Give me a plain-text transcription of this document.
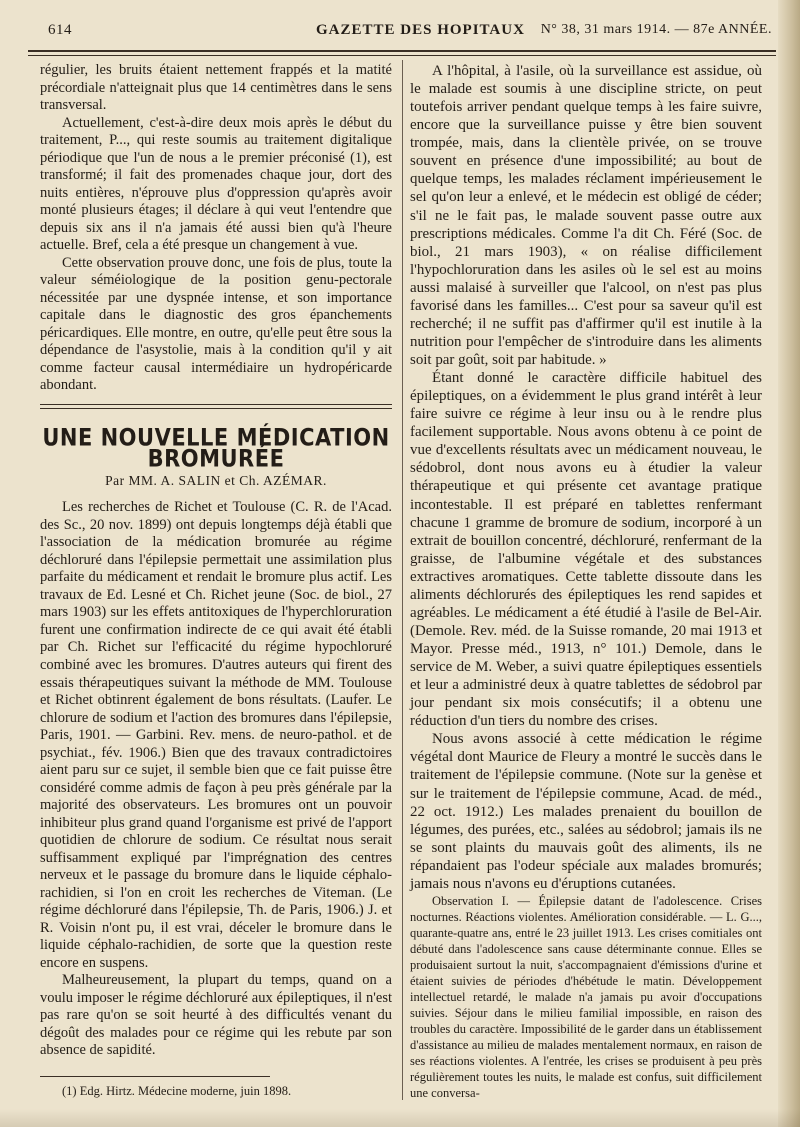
614	GAZETTE DES HOPITAUX N° 38, 31 mars 1914. — 87e ANNÉE.

régulier, les bruits étaient nettement frappés et la matité précordiale n'atteignait plus que 14 centimètres dans le sens transversal.

Actuellement, c'est-à-dire deux mois après le début du traitement, P..., qui reste soumis au traitement digitalique périodique que l'un de nous a le premier préconisé (1), est transformé; il fait des promenades chaque jour, dort des nuits entières, n'éprouve plus d'oppression qu'après avoir monté plusieurs étages; il déclare à qui veut l'entendre que depuis six ans il n'a jamais été aussi bien qu'à l'heure actuelle. Bref, cela a été presque un changement à vue.

Cette observation prouve donc, une fois de plus, toute la valeur séméiologique de la position genu-pectorale nécessitée par une dyspnée intense, et son importance capitale dans le diagnostic des gros épanchements péricardiques. Elle montre, en outre, qu'elle peut être sous la dépendance de l'asystolie, mais à la condition qu'il y ait comme facteur causal intermédiaire un hydropéricarde abondant.

UNE NOUVELLE MÉDICATION BROMURÉE
Par MM. A. SALIN et Ch. AZÉMAR.

Les recherches de Richet et Toulouse (C. R. de l'Acad. des Sc., 20 nov. 1899) ont depuis longtemps déjà établi que l'association de la médication bromurée au régime déchloruré dans l'épilepsie permettait une assimilation plus parfaite du médicament et rendait le bromure plus actif. Les travaux de Ed. Lesné et Ch. Richet jeune (Soc. de biol., 27 mars 1903) sur les effets antitoxiques de l'hyperchloruration furent une confirmation indirecte de ce qui avait été établi par Ch. Richet sur l'efficacité du régime hypochloruré combiné avec les bromures. D'autres auteurs qui firent des essais thérapeutiques suivant la méthode de MM. Toulouse et Richet obtinrent également de bons résultats. (Laufer. Le chlorure de sodium et l'action des bromures dans l'épilepsie, Paris, 1901. — Garbini. Rev. mens. de neuro-pathol. et de psychiat., fév. 1906.) Bien que des travaux contradictoires aient paru sur ce sujet, il semble bien que ce fait puisse être considéré comme admis de façon à peu près générale par la majorité des observateurs. Les bromures ont un pouvoir inhibiteur plus grand quand l'organisme est privé de l'apport quotidien de chlorure de sodium. Ce résultat nous serait suffisamment expliqué par l'imprégnation des centres nerveux et le passage du bromure dans le liquide céphalo-rachidien, si l'on en croit les recherches de Viteman. (Le régime déchloruré dans l'épilepsie, Th. de Paris, 1906.) J. et R. Voisin n'ont pu, il est vrai, déceler le bromure dans le liquide céphalo-rachidien, de sorte que la question reste encore en suspens.

Malheureusement, la plupart du temps, quand on a voulu imposer le régime déchloruré aux épileptiques, il n'est pas rare qu'on se soit heurté à des difficultés venant du dégoût des malades pour ce régime qui les rebute par son absence de sapidité.

(1) Edg. Hirtz. Médecine moderne, juin 1898.

A l'hôpital, à l'asile, où la surveillance est assidue, où le malade est soumis à une discipline stricte, on peut toutefois arriver pendant quelque temps à les faire suivre, encore que la surveillance puisse y être bien souvent trompée, mais, dans la clientèle privée, on se trouve souvent en présence d'une impossibilité; au bout de quelque temps, les malades réclament impérieusement le sel qu'on leur a enlevé, et le médecin est obligé de céder; s'il ne le fait pas, le malade souvent passe outre aux prescriptions médicales. Comme l'a dit Ch. Féré (Soc. de biol., 21 mars 1903), « on réalise difficilement l'hypochloruration dans les asiles où le sel est au moins aussi malaisé à surveiller que l'alcool, on n'est pas plus favorisé dans les familles... C'est pour sa saveur qu'il est recherché; il ne suffit pas d'affirmer qu'il est inutile à la nutrition pour l'empêcher de s'introduire dans les aliments soit par goût, soit par habitude. »

Étant donné le caractère difficile habituel des épileptiques, on a évidemment le plus grand intérêt à leur faire suivre ce régime à leur insu ou à le rendre plus facilement supportable. Nous avons obtenu à ce point de vue d'excellents résultats avec un médicament nouveau, le sédobrol, dont nous avons eu à étudier la valeur thérapeutique et qui présente cet avantage pratique incontestable. Il est préparé en tablettes renfermant chacune 1 gramme de bromure de sodium, incorporé à un extrait de bouillon concentré, déchloruré, renfermant de la graisse, de l'albumine végétale et des substances extractives aromatiques. Cette tablette dissoute dans les aliments déchlorurés des épileptiques les rend sapides et agréables. Le médicament a été étudié à l'asile de Bel-Air. (Demole. Rev. méd. de la Suisse romande, 20 mai 1913 et Mayor. Presse méd., 1913, n° 101.) Demole, dans le service de M. Weber, a suivi quatre épileptiques essentiels et leur a administré deux à quatre tablettes de sédobrol par jour pendant six mois consécutifs; il a obtenu une réduction d'un tiers du nombre des crises.

Nous avons associé à cette médication le régime végétal dont Maurice de Fleury a montré le succès dans le traitement de l'épilepsie commune. (Note sur la genèse et sur le traitement de l'épilepsie commune, Acad. de méd., 22 oct. 1912.) Les malades prenaient du bouillon de légumes, des purées, etc., salées au sédobrol; jamais ils ne se sont plaints du mauvais goût des aliments, ils ne répandaient pas l'odeur spéciale aux malades bromurés; jamais nous n'avons eu d'éruptions cutanées.

Observation I. — Épilepsie datant de l'adolescence. Crises nocturnes. Réactions violentes. Amélioration considérable. — L. G..., quarante-quatre ans, entré le 23 juillet 1913. Les crises comitiales ont débuté dans l'adolescence sans cause déterminante connue. Elles se produisaient surtout la nuit, s'accompagnaient d'émissions d'urine et étaient suivies de périodes d'hébétude le matin. Développement intellectuel retardé, le malade n'a jamais pu avoir d'occupations suivies. Séjour dans le milieu familial impossible, en raison des troubles du caractère. Impossibilité de le garder dans un établissement d'assistance au milieu de malades mentalement normaux, en raison de ses réactions violentes. A l'entrée, les crises se produisent à peu près régulièrement toutes les nuits, le malade est confus, suit difficilement une conversa-
